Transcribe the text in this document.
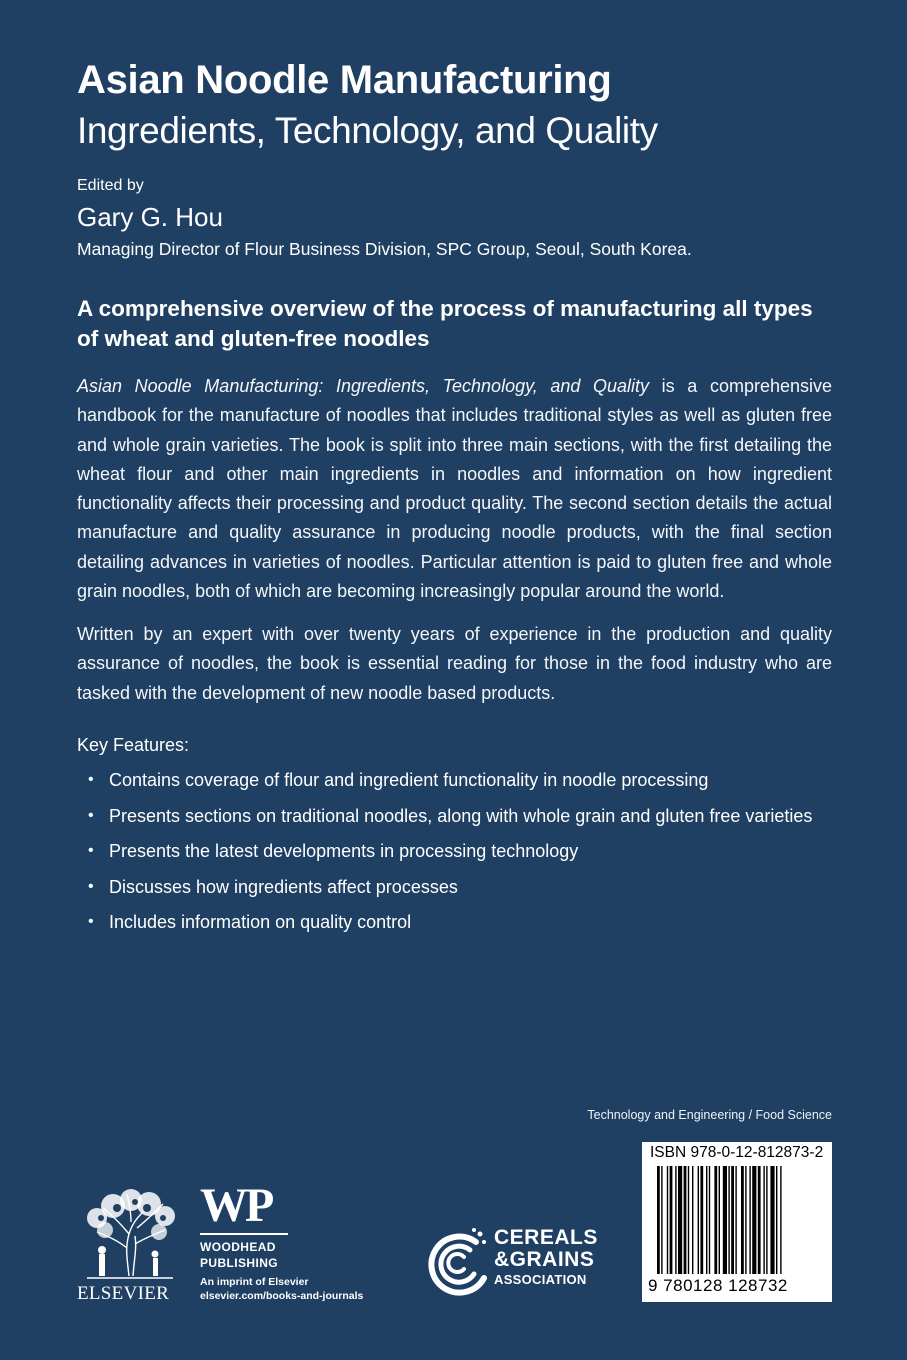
Asian Noodle Manufacturing
Ingredients, Technology, and Quality
Edited by
Gary G. Hou
Managing Director of Flour Business Division, SPC Group, Seoul, South Korea.
A comprehensive overview of the process of manufacturing all types of wheat and gluten-free noodles
Asian Noodle Manufacturing: Ingredients, Technology, and Quality is a comprehensive handbook for the manufacture of noodles that includes traditional styles as well as gluten free and whole grain varieties. The book is split into three main sections, with the first detailing the wheat flour and other main ingredients in noodles and information on how ingredient functionality affects their processing and product quality. The second section details the actual manufacture and quality assurance in producing noodle products, with the final section detailing advances in varieties of noodles. Particular attention is paid to gluten free and whole grain noodles, both of which are becoming increasingly popular around the world.
Written by an expert with over twenty years of experience in the production and quality assurance of noodles, the book is essential reading for those in the food industry who are tasked with the development of new noodle based products.
Key Features:
• Contains coverage of flour and ingredient functionality in noodle processing
• Presents sections on traditional noodles, along with whole grain and gluten free varieties
• Presents the latest developments in processing technology
• Discusses how ingredients affect processes
• Includes information on quality control
Technology and Engineering / Food Science
ISBN 978-0-12-812873-2
9 780128 128732
ELSEVIER
WP
WOODHEAD
PUBLISHING
An imprint of Elsevier
elsevier.com/books-and-journals
CEREALS
&GRAINS
ASSOCIATION
